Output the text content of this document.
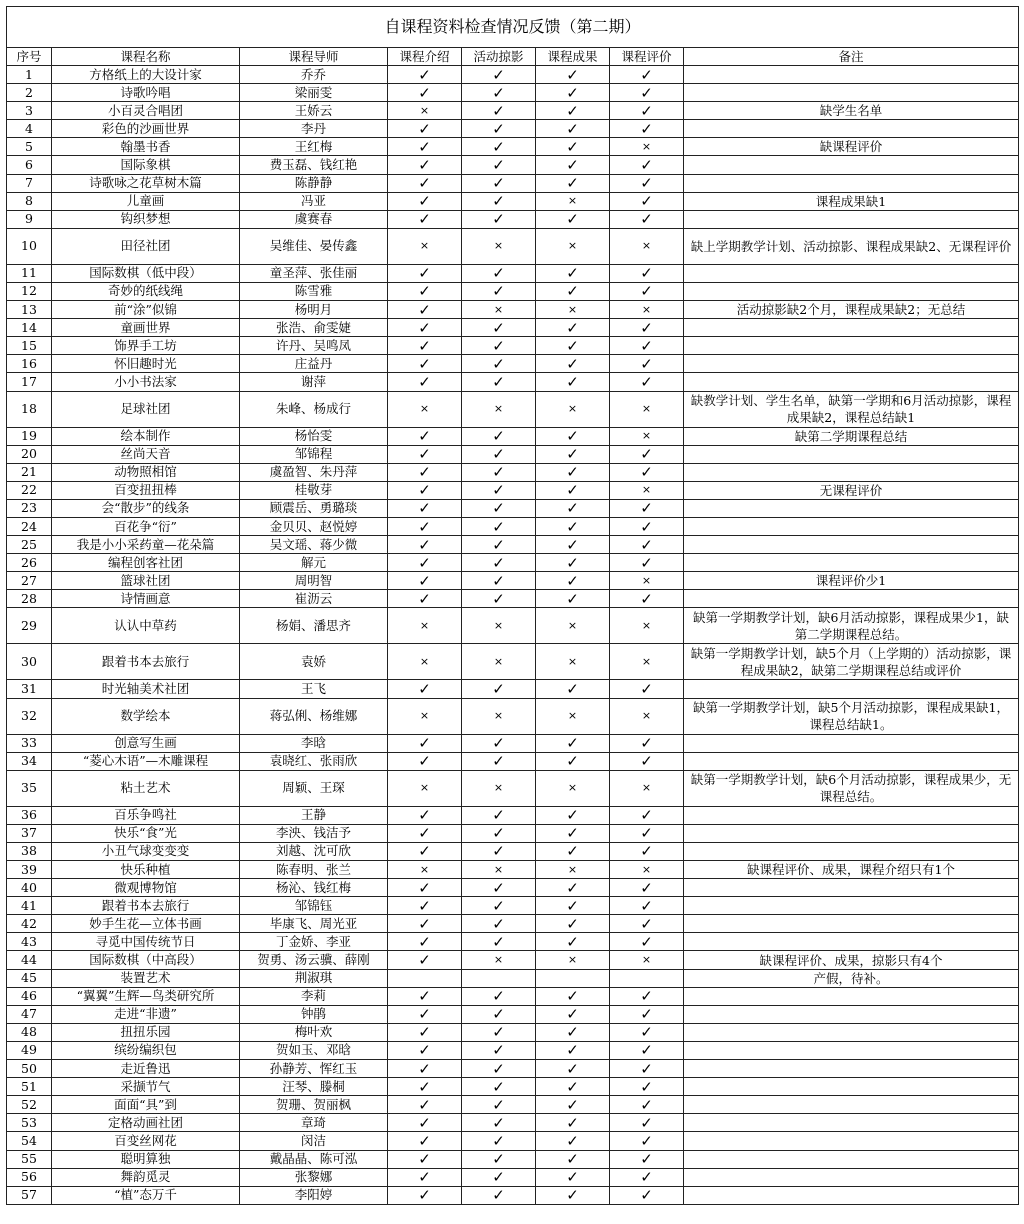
自课程资料检查情况反馈（第二期）							
序号	课程名称	课程导师	课程介绍	活动掠影	课程成果	课程评价	备注
1	方格纸上的大设计家	乔乔	✓	✓	✓	✓	
2	诗歌吟唱	梁丽雯	✓	✓	✓	✓	
3	小百灵合唱团	王娇云	×	✓	✓	✓	缺学生名单
4	彩色的沙画世界	李丹	✓	✓	✓	✓	
5	翰墨书香	王红梅	✓	✓	✓	×	缺课程评价
6	国际象棋	费玉磊、钱红艳	✓	✓	✓	✓	
7	诗歌咏之花草树木篇	陈静静	✓	✓	✓	✓	
8	儿童画	冯亚	✓	✓	×	✓	课程成果缺1
9	钩织梦想	虞赛春	✓	✓	✓	✓	
10	田径社团	吴维佳、晏传鑫	×	×	×	×	缺上学期教学计划、活动掠影、课程成果缺2、无课程评价
11	国际数棋（低中段）	童圣萍、张佳丽	✓	✓	✓	✓	
12	奇妙的纸线绳	陈雪雅	✓	✓	✓	✓	
13	前“涂”似锦	杨明月	✓	×	×	×	活动掠影缺2个月，课程成果缺2；无总结
14	童画世界	张浩、俞雯婕	✓	✓	✓	✓	
15	饰界手工坊	许丹、吴鸣凤	✓	✓	✓	✓	
16	怀旧趣时光	庄益丹	✓	✓	✓	✓	
17	小小书法家	谢萍	✓	✓	✓	✓	
18	足球社团	朱峰、杨成行	×	×	×	×	缺教学计划、学生名单，缺第一学期和6月活动掠影，课程成果缺2，课程总结缺1
19	绘本制作	杨怡雯	✓	✓	✓	×	缺第二学期课程总结
20	丝尚天音	邹锦程	✓	✓	✓	✓	
21	动物照相馆	虞盈智、朱丹萍	✓	✓	✓	✓	
22	百变扭扭棒	桂敬芽	✓	✓	✓	×	无课程评价
23	会“散步”的线条	顾震岳、勇璐琰	✓	✓	✓	✓	
24	百花争“衍”	金贝贝、赵悦婷	✓	✓	✓	✓	
25	我是小小采药童—花朵篇	吴文瑶、蒋少微	✓	✓	✓	✓	
26	编程创客社团	解元	✓	✓	✓	✓	
27	篮球社团	周明智	✓	✓	✓	×	课程评价少1
28	诗情画意	崔沥云	✓	✓	✓	✓	
29	认认中草药	杨娟、潘思齐	×	×	×	×	缺第一学期教学计划，缺6月活动掠影，课程成果少1，缺第二学期课程总结。
30	跟着书本去旅行	袁娇	×	×	×	×	缺第一学期教学计划，缺5个月（上学期的）活动掠影，课程成果缺2，缺第二学期课程总结或评价
31	时光轴美术社团	王飞	✓	✓	✓	✓	
32	数学绘本	蒋弘俐、杨维娜	×	×	×	×	缺第一学期教学计划，缺5个月活动掠影，课程成果缺1，课程总结缺1。
33	创意写生画	李晗	✓	✓	✓	✓	
34	“菱心木语”—木雕课程	袁晓红、张雨欣	✓	✓	✓	✓	
35	粘土艺术	周颖、王琛	×	×	×	×	缺第一学期教学计划，缺6个月活动掠影，课程成果少，无课程总结。
36	百乐争鸣社	王静	✓	✓	✓	✓	
37	快乐“食”光	李泱、钱洁予	✓	✓	✓	✓	
38	小丑气球变变变	刘越、沈可欣	✓	✓	✓	✓	
39	快乐种植	陈春明、张兰	×	×	×	×	缺课程评价、成果，课程介绍只有1个
40	微观博物馆	杨沁、钱红梅	✓	✓	✓	✓	
41	跟着书本去旅行	邹锦钰	✓	✓	✓	✓	
42	妙手生花—立体书画	毕康飞、周光亚	✓	✓	✓	✓	
43	寻觅中国传统节日	丁金娇、李亚	✓	✓	✓	✓	
44	国际数棋（中高段）	贺勇、汤云骥、薛刚	✓	×	×	×	缺课程评价、成果，掠影只有4个
45	装置艺术	荆淑琪					产假，待补。
46	“翼翼”生辉—鸟类研究所	李莉	✓	✓	✓	✓	
47	走进“非遗”	钟鹃	✓	✓	✓	✓	
48	扭扭乐园	梅叶欢	✓	✓	✓	✓	
49	缤纷编织包	贺如玉、邓晗	✓	✓	✓	✓	
50	走近鲁迅	孙静芳、恽红玉	✓	✓	✓	✓	
51	采撷节气	汪琴、滕桐	✓	✓	✓	✓	
52	面面“具”到	贺珊、贺丽枫	✓	✓	✓	✓	
53	定格动画社团	章琦	✓	✓	✓	✓	
54	百变丝网花	闵洁	✓	✓	✓	✓	
55	聪明算独	戴晶晶、陈可泓	✓	✓	✓	✓	
56	舞韵觅灵	张黎娜	✓	✓	✓	✓	
57	“植”态万千	李阳婷	✓	✓	✓	✓	
